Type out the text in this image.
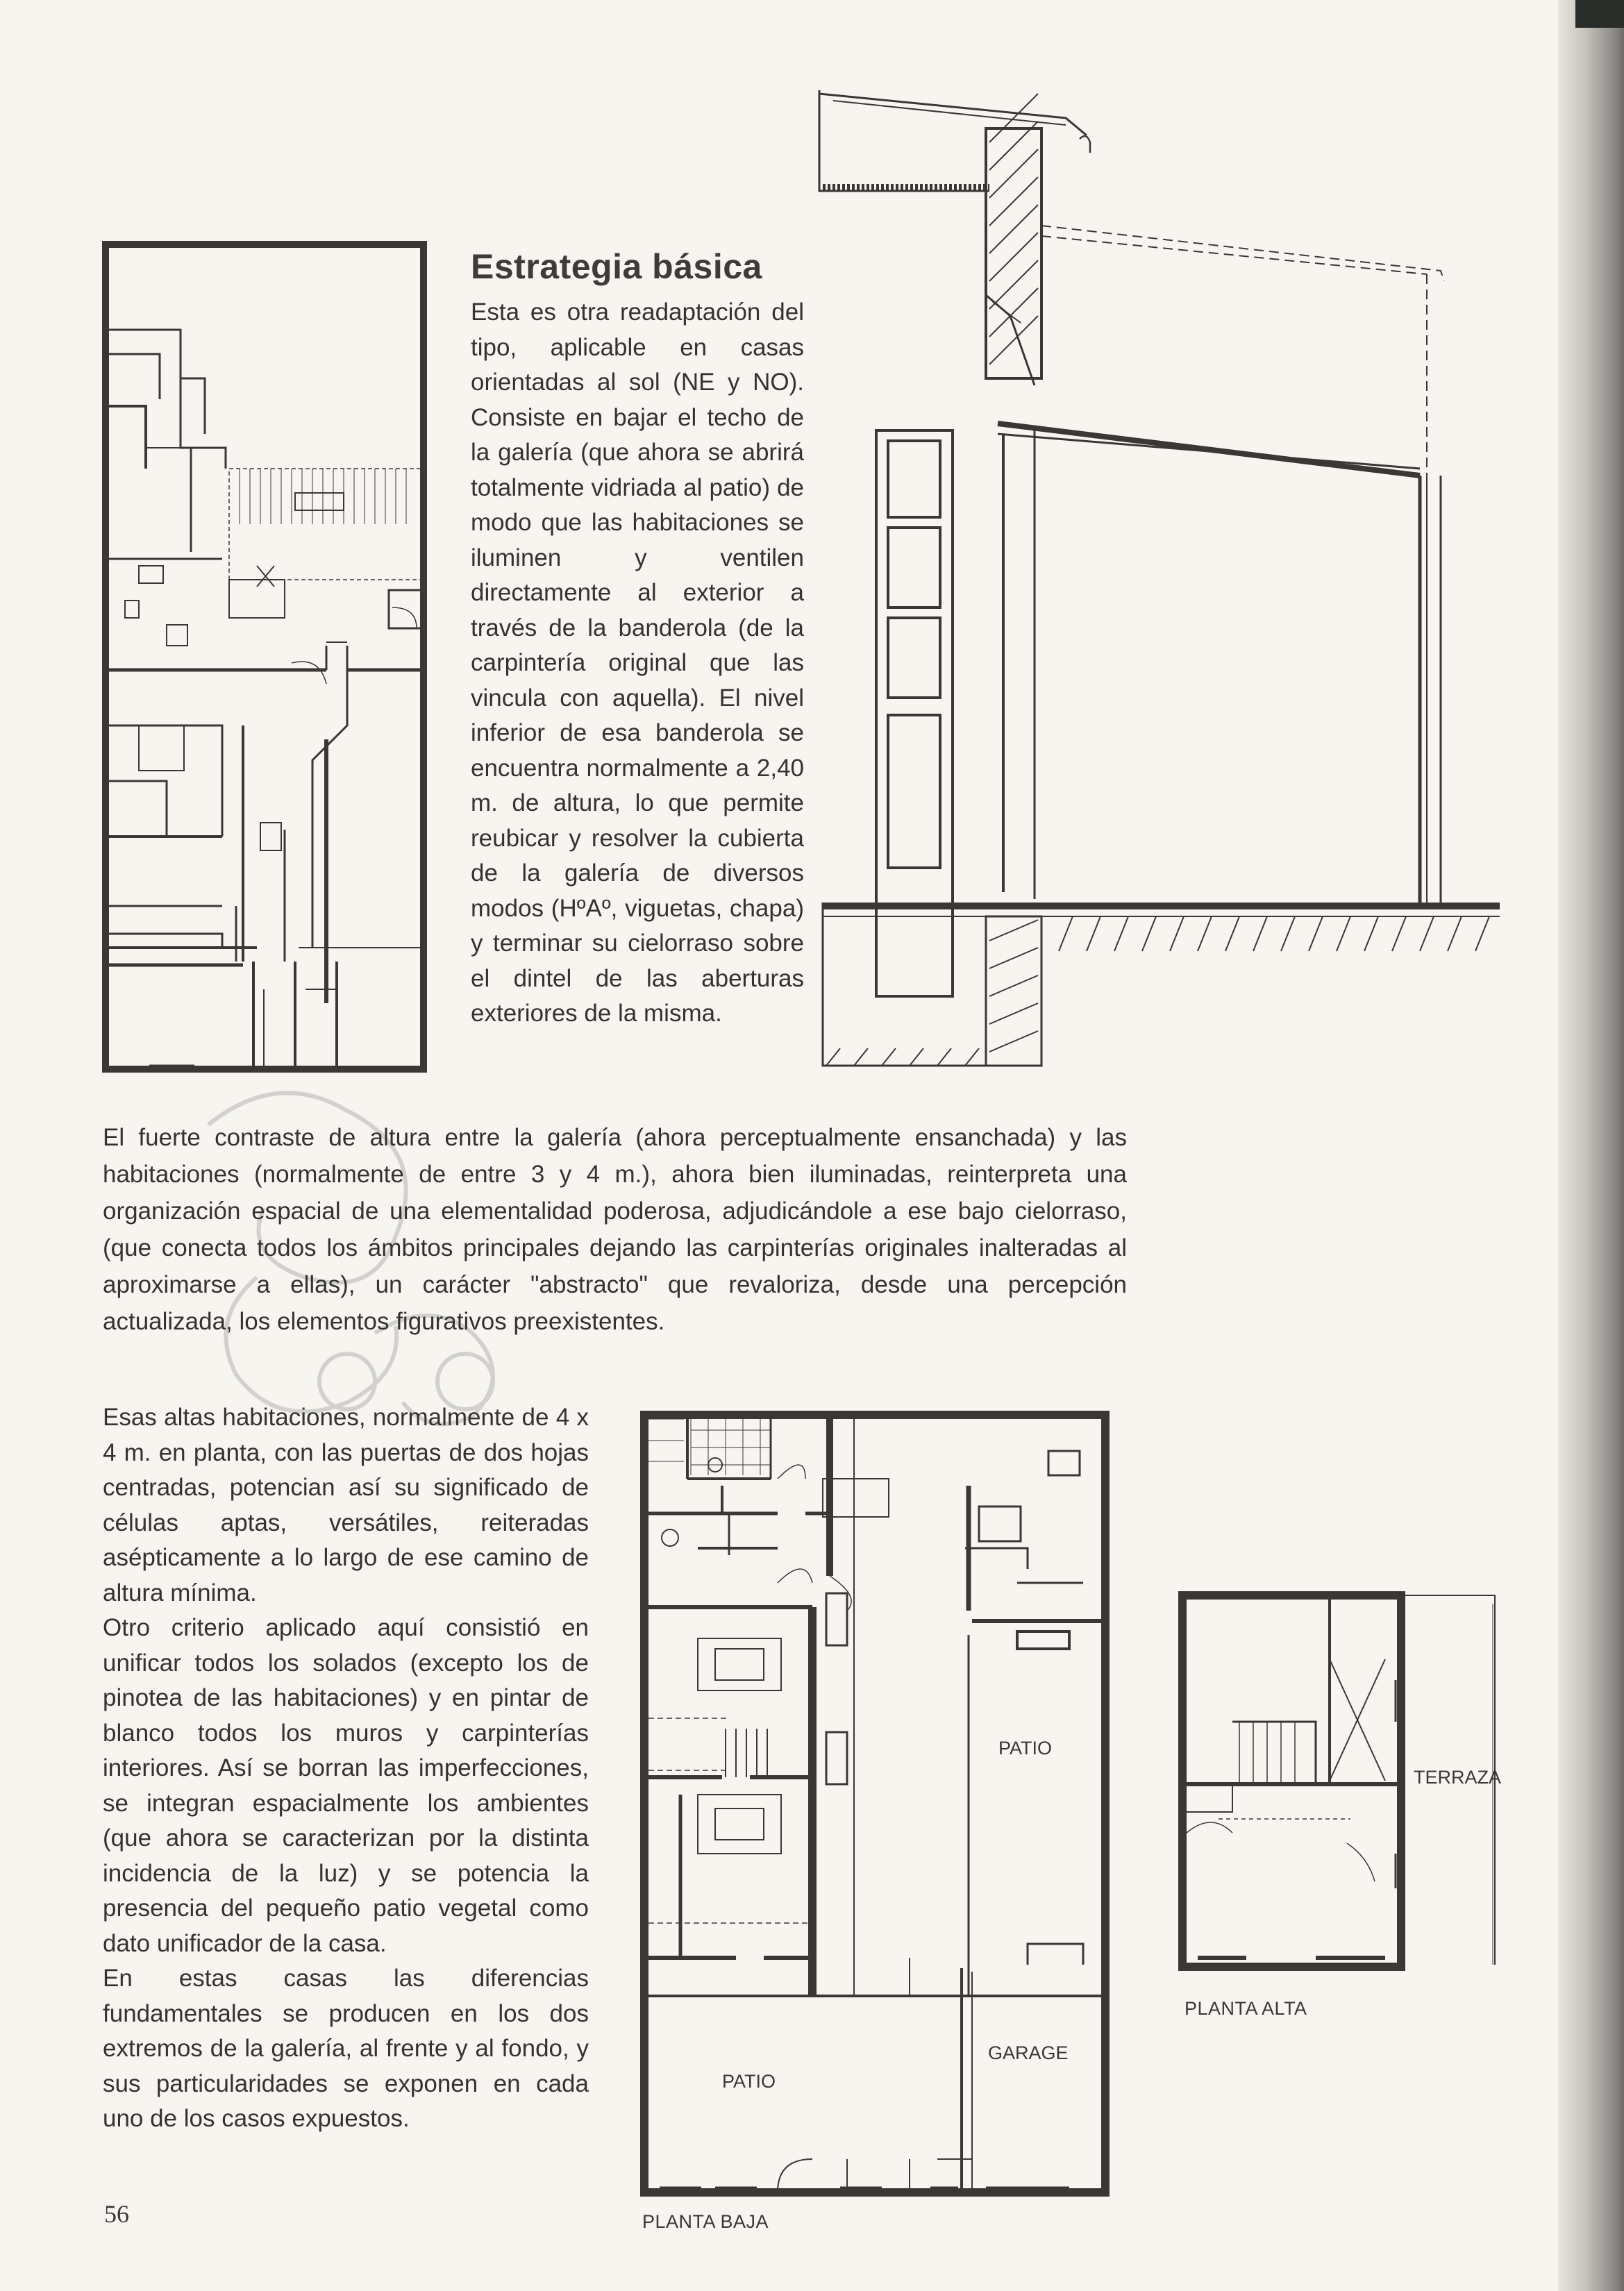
Estrategia básica

Esta es otra readaptación del tipo, aplicable en casas orientadas al sol (NE y NO). Consiste en bajar el techo de la galería (que ahora se abrirá totalmente vidriada al patio) de modo que las habitaciones se iluminen y ventilen directamente al exterior a través de la banderola (de la carpintería original que las vincula con aquella). El nivel inferior de esa banderola se encuentra normalmente a 2,40 m. de altura, lo que permite reubicar y resolver la cubierta de la galería de diversos modos (HºAº, viguetas, chapa) y terminar su cielorraso sobre el dintel de las aberturas exteriores de la misma.

El fuerte contraste de altura entre la galería (ahora perceptualmente ensanchada) y las habitaciones (normalmente de entre 3 y 4 m.), ahora bien iluminadas, reinterpreta una organización espacial de una elementalidad poderosa, adjudicándole a ese bajo cielorraso, (que conecta todos los ámbitos principales dejando las carpinterías originales inalteradas al aproximarse a ellas), un carácter "abstracto" que revaloriza, desde una percepción actualizada, los elementos figurativos preexistentes.

Esas altas habitaciones, normalmente de 4 x 4 m. en planta, con las puertas de dos hojas centradas, potencian así su significado de células aptas, versátiles, reiteradas asépticamente a lo largo de ese camino de altura mínima.

Otro criterio aplicado aquí consistió en unificar todos los solados (excepto los de pinotea de las habitaciones) y en pintar de blanco todos los muros y carpinterías interiores. Así se borran las imperfecciones, se integran espacialmente los ambientes (que ahora se caracterizan por la distinta incidencia de la luz) y se potencia la presencia del pequeño patio vegetal como dato unificador de la casa.

En estas casas las diferencias fundamentales se producen en los dos extremos de la galería, al frente y al fondo, y sus particularidades se exponen en cada uno de los casos expuestos.

PATIO
GARAGE
PATIO
TERRAZA
PLANTA ALTA
PLANTA BAJA
56
